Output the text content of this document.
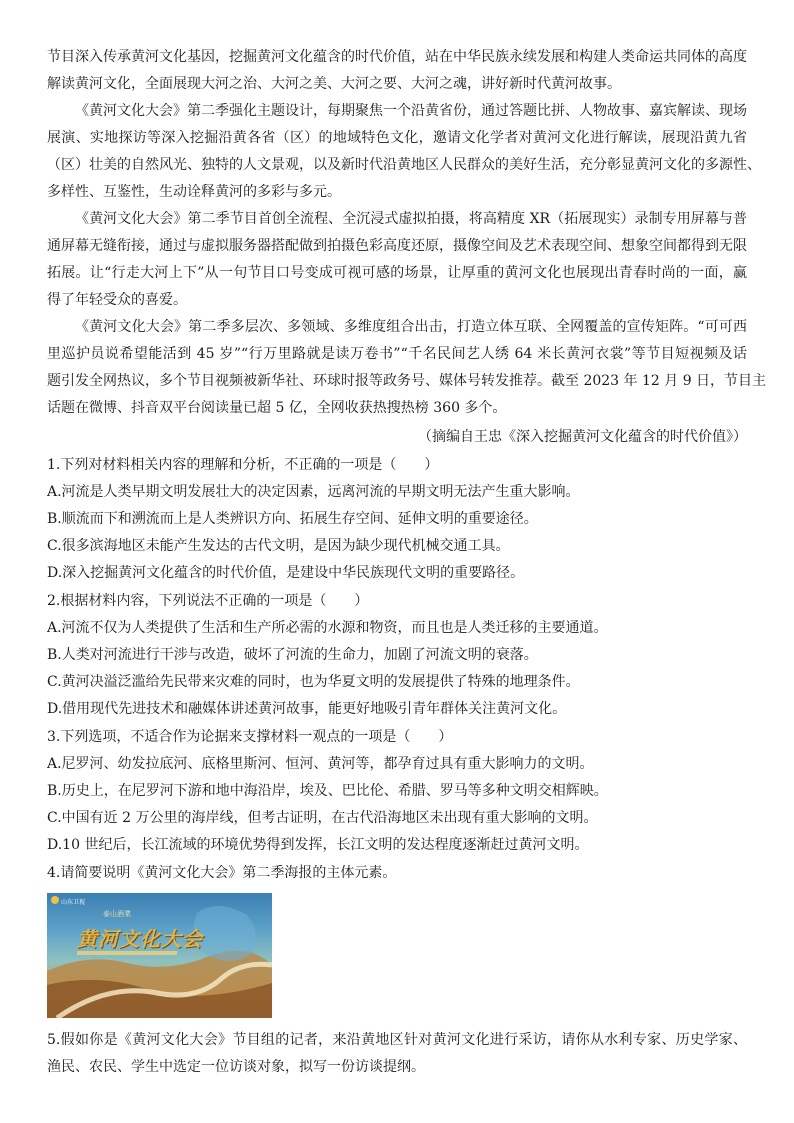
节目深入传承黄河文化基因，挖掘黄河文化蕴含的时代价值，站在中华民族永续发展和构建人类命运共同体的高度
解读黄河文化，全面展现大河之治、大河之美、大河之要、大河之魂，讲好新时代黄河故事。
《黄河文化大会》第二季强化主题设计，每期聚焦一个沿黄省份，通过答题比拼、人物故事、嘉宾解读、现场
展演、实地探访等深入挖掘沿黄各省（区）的地域特色文化，邀请文化学者对黄河文化进行解读，展现沿黄九省
（区）壮美的自然风光、独特的人文景观，以及新时代沿黄地区人民群众的美好生活，充分彰显黄河文化的多源性、
多样性、互鉴性，生动诠释黄河的多彩与多元。
《黄河文化大会》第二季节目首创全流程、全沉浸式虚拟拍摄，将高精度 XR（拓展现实）录制专用屏幕与普
通屏幕无缝衔接，通过与虚拟服务器搭配做到拍摄色彩高度还原，摄像空间及艺术表现空间、想象空间都得到无限
拓展。让“行走大河上下”从一句节目口号变成可视可感的场景，让厚重的黄河文化也展现出青春时尚的一面，赢
得了年轻受众的喜爱。
《黄河文化大会》第二季多层次、多领域、多维度组合出击，打造立体互联、全网覆盖的宣传矩阵。“可可西
里巡护员说希望能活到 45 岁”“行万里路就是读万卷书”“千名民间艺人绣 64 米长黄河衣裳”等节目短视频及话
题引发全网热议，多个节目视频被新华社、环球时报等政务号、媒体号转发推荐。截至 2023 年 12 月 9 日，节目主
话题在微博、抖音双平台阅读量已超 5 亿，全网收获热搜热榜 360 多个。
（摘编自王忠《深入挖掘黄河文化蕴含的时代价值》）
1.下列对材料相关内容的理解和分析，不正确的一项是（　　）
A.河流是人类早期文明发展壮大的决定因素，远离河流的早期文明无法产生重大影响。
B.顺流而下和溯流而上是人类辨识方向、拓展生存空间、延伸文明的重要途径。
C.很多滨海地区未能产生发达的古代文明，是因为缺少现代机械交通工具。
D.深入挖掘黄河文化蕴含的时代价值，是建设中华民族现代文明的重要路径。
2.根据材料内容，下列说法不正确的一项是（　　）
A.河流不仅为人类提供了生活和生产所必需的水源和物资，而且也是人类迁移的主要通道。
B.人类对河流进行干涉与改造，破坏了河流的生命力，加剧了河流文明的衰落。
C.黄河决溢泛滥给先民带来灾难的同时，也为华夏文明的发展提供了特殊的地理条件。
D.借用现代先进技术和融媒体讲述黄河故事，能更好地吸引青年群体关注黄河文化。
3.下列选项，不适合作为论据来支撑材料一观点的一项是（　　）
A.尼罗河、幼发拉底河、底格里斯河、恒河、黄河等，都孕育过具有重大影响力的文明。
B.历史上，在尼罗河下游和地中海沿岸，埃及、巴比伦、希腊、罗马等多种文明交相辉映。
C.中国有近 2 万公里的海岸线，但考古证明，在古代沿海地区未出现有重大影响的文明。
D.10 世纪后，长江流域的环境优势得到发挥，长江文明的发达程度逐渐赶过黄河文明。
4.请简要说明《黄河文化大会》第二季海报的主体元素。
山东卫视
泰山酒業
黄河文化大会
5.假如你是《黄河文化大会》节目组的记者，来沿黄地区针对黄河文化进行采访，请你从水利专家、历史学家、
渔民、农民、学生中选定一位访谈对象，拟写一份访谈提纲。
